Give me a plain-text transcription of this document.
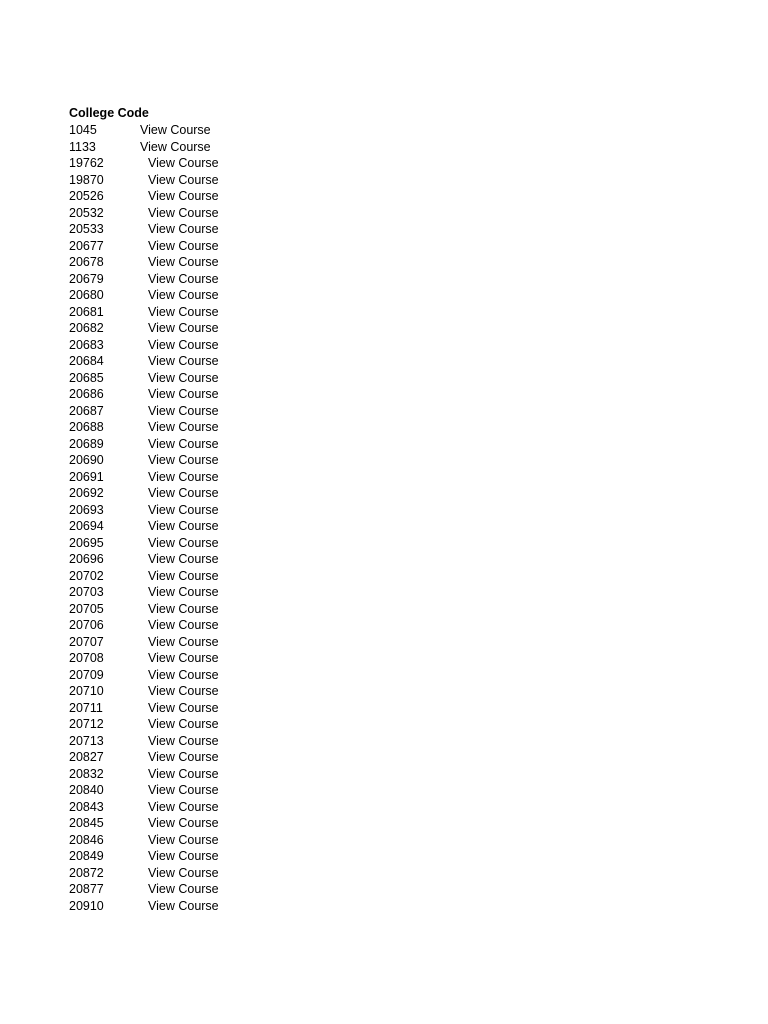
College Code
1045	View Course
1133	View Course
19762	View Course
19870	View Course
20526	View Course
20532	View Course
20533	View Course
20677	View Course
20678	View Course
20679	View Course
20680	View Course
20681	View Course
20682	View Course
20683	View Course
20684	View Course
20685	View Course
20686	View Course
20687	View Course
20688	View Course
20689	View Course
20690	View Course
20691	View Course
20692	View Course
20693	View Course
20694	View Course
20695	View Course
20696	View Course
20702	View Course
20703	View Course
20705	View Course
20706	View Course
20707	View Course
20708	View Course
20709	View Course
20710	View Course
20711	View Course
20712	View Course
20713	View Course
20827	View Course
20832	View Course
20840	View Course
20843	View Course
20845	View Course
20846	View Course
20849	View Course
20872	View Course
20877	View Course
20910	View Course
